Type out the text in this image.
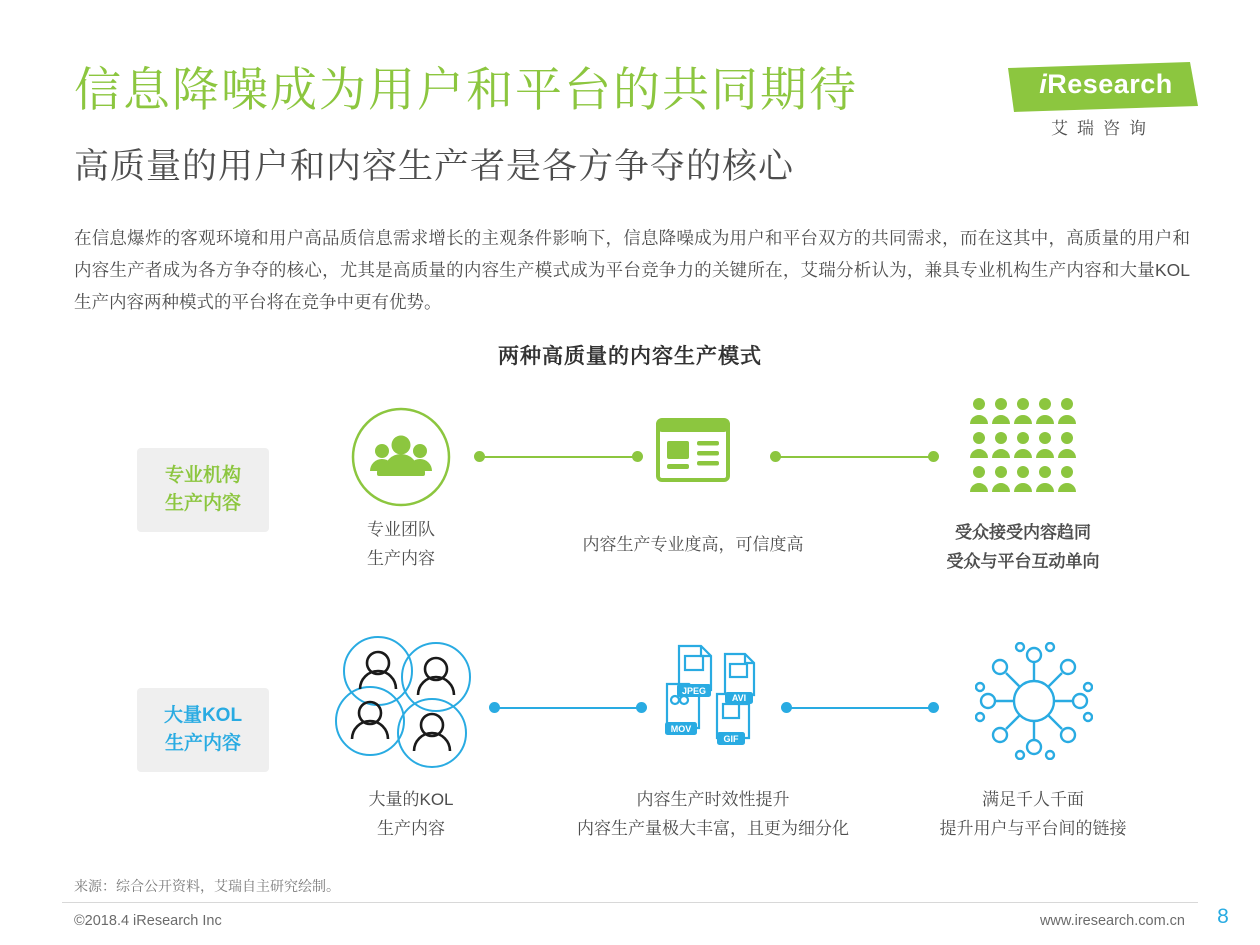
信息降噪成为用户和平台的共同期待
高质量的用户和内容生产者是各方争夺的核心
iResearch
艾瑞咨询
在信息爆炸的客观环境和用户高品质信息需求增长的主观条件影响下，信息降噪成为用户和平台双方的共同需求，而在这其中，高质量的用户和内容生产者成为各方争夺的核心，尤其是高质量的内容生产模式成为平台竞争力的关键所在，艾瑞分析认为，兼具专业机构生产内容和大量KOL生产内容两种模式的平台将在竞争中更有优势。
两种高质量的内容生产模式
专业机构
生产内容
专业团队
生产内容
内容生产专业度高，可信度高
受众接受内容趋同
受众与平台互动单向
大量KOL
生产内容
大量的KOL
生产内容
JPEG
AVI
MOV
GIF
内容生产时效性提升
内容生产量极大丰富，且更为细分化
满足千人千面
提升用户与平台间的链接
来源：综合公开资料，艾瑞自主研究绘制。
©2018.4 iResearch Inc	www.iresearch.com.cn	8
